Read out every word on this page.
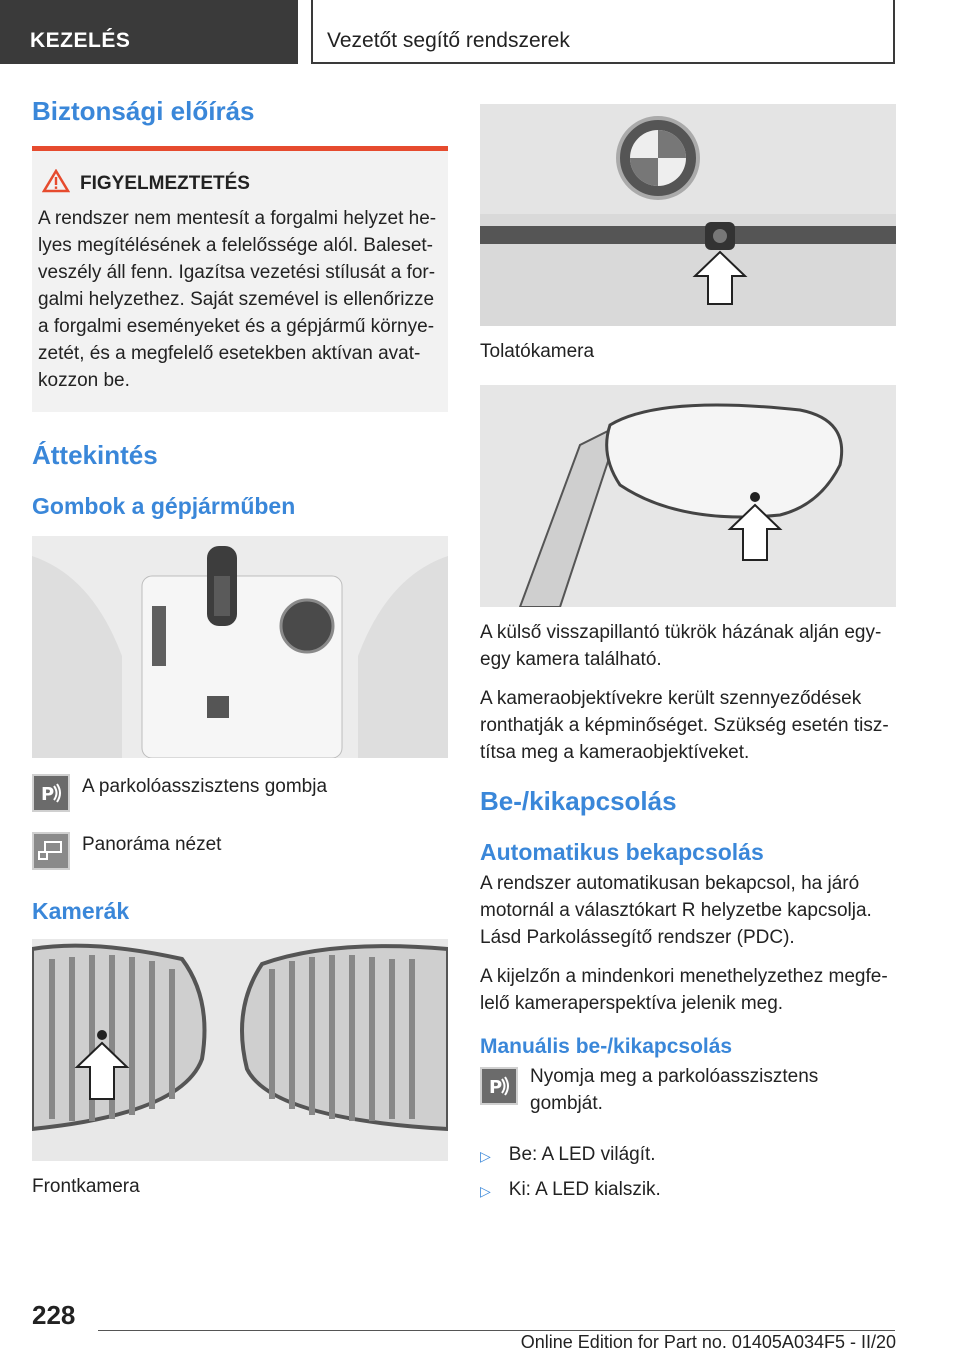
KEZELÉS	Vezetőt segítő rendszerek
Biztonsági előírás
FIGYELMEZTETÉS
A rendszer nem mentesít a forgalmi helyzet he-lyes megítélésének a felelőssége alól. Baleset-veszély áll fenn. Igazítsa vezetési stílusát a for-galmi helyzethez. Saját szemével is ellenőrizze a forgalmi eseményeket és a gépjármű környe-zetét, és a megfelelő esetekben aktívan avat-kozzon be.
Áttekintés
Gombok a gépjárműben
P A parkolóasszisztens gombja
Panoráma nézet
Kamerák
Frontkamera
Tolatókamera
A külső visszapillantó tükrök házának alján egy-egy kamera található.
A kameraobjektívekre került szennyeződések ronthatják a képminőséget. Szükség esetén tisz-títsa meg a kameraobjektíveket.
Be-/kikapcsolás
Automatikus bekapcsolás
A rendszer automatikusan bekapcsol, ha járó motornál a választókart R helyzetbe kapcsolja. Lásd Parkolássegítő rendszer (PDC).
A kijelzőn a mindenkori menethelyzethez megfe-lelő kameraperspektíva jelenik meg.
Manuális be-/kikapcsolás
P
Nyomja meg a parkolóasszisztens gombját.
▷ Be: A LED világít.
▷ Ki: A LED kialszik.
228
Online Edition for Part no. 01405A034F5 - II/20
